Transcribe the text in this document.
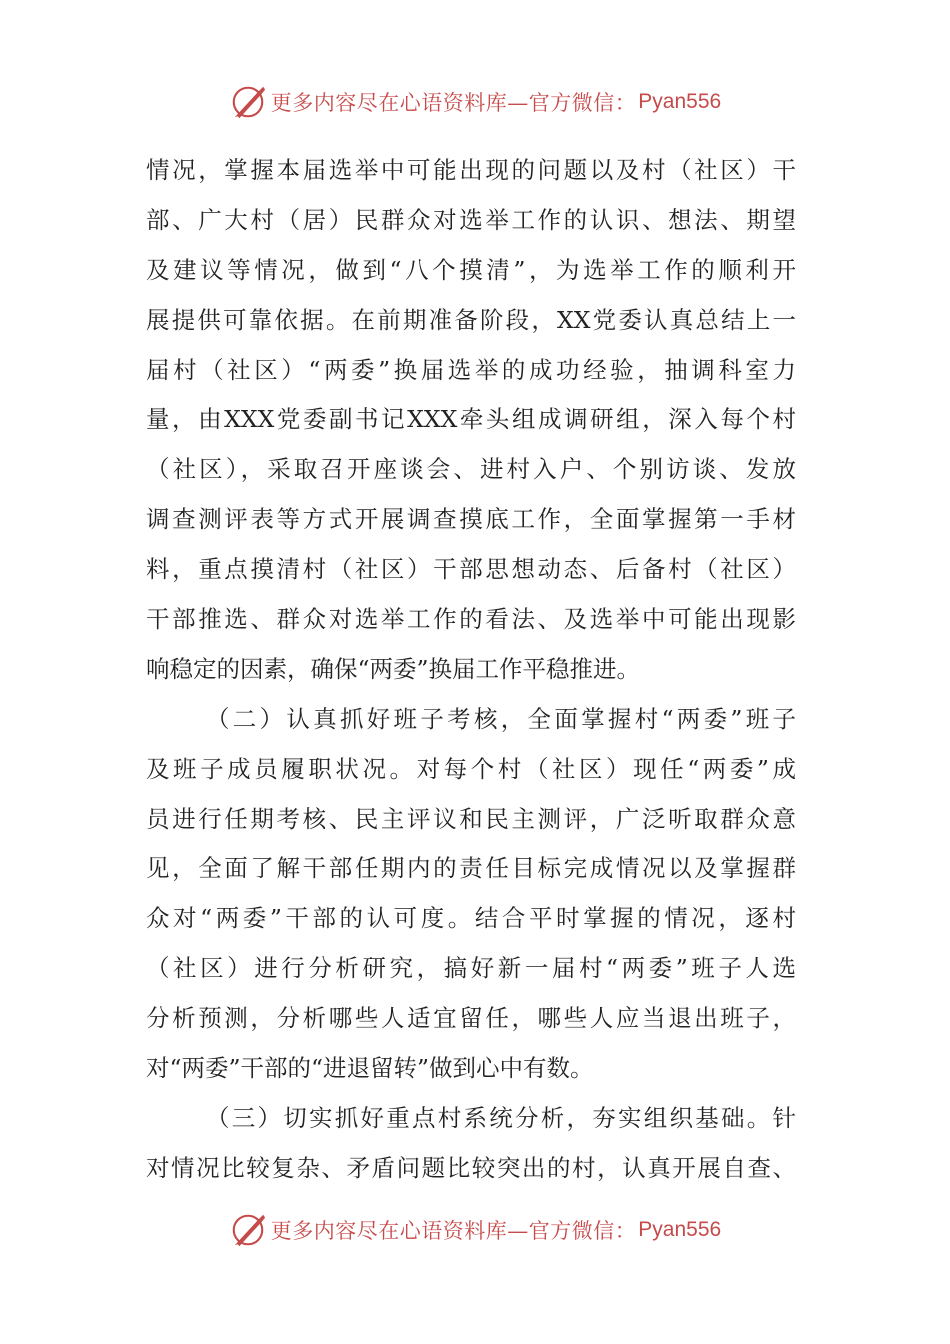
更多内容尽在心语资料库—官方微信： Pyan556
情况，掌握本届选举中可能出现的问题以及村（社区）干
部、广大村（居）民群众对选举工作的认识、想法、期望
及建议等情况，做到“八个摸清”，为选举工作的顺利开
展提供可靠依据。在前期准备阶段，XX党委认真总结上一
届村（社区）“两委”换届选举的成功经验，抽调科室力
量，由XXX党委副书记XXX牵头组成调研组，深入每个村
（社区），采取召开座谈会、进村入户、个别访谈、发放
调查测评表等方式开展调查摸底工作，全面掌握第一手材
料，重点摸清村（社区）干部思想动态、后备村（社区）
干部推选、群众对选举工作的看法、及选举中可能出现影
响稳定的因素，确保“两委”换届工作平稳推进。
（二）认真抓好班子考核，全面掌握村“两委”班子
及班子成员履职状况。对每个村（社区）现任“两委”成
员进行任期考核、民主评议和民主测评，广泛听取群众意
见，全面了解干部任期内的责任目标完成情况以及掌握群
众对“两委”干部的认可度。结合平时掌握的情况，逐村
（社区）进行分析研究，搞好新一届村“两委”班子人选
分析预测，分析哪些人适宜留任，哪些人应当退出班子，
对“两委”干部的“进退留转”做到心中有数。
（三）切实抓好重点村系统分析，夯实组织基础。针
对情况比较复杂、矛盾问题比较突出的村，认真开展自查、
更多内容尽在心语资料库—官方微信： Pyan556
